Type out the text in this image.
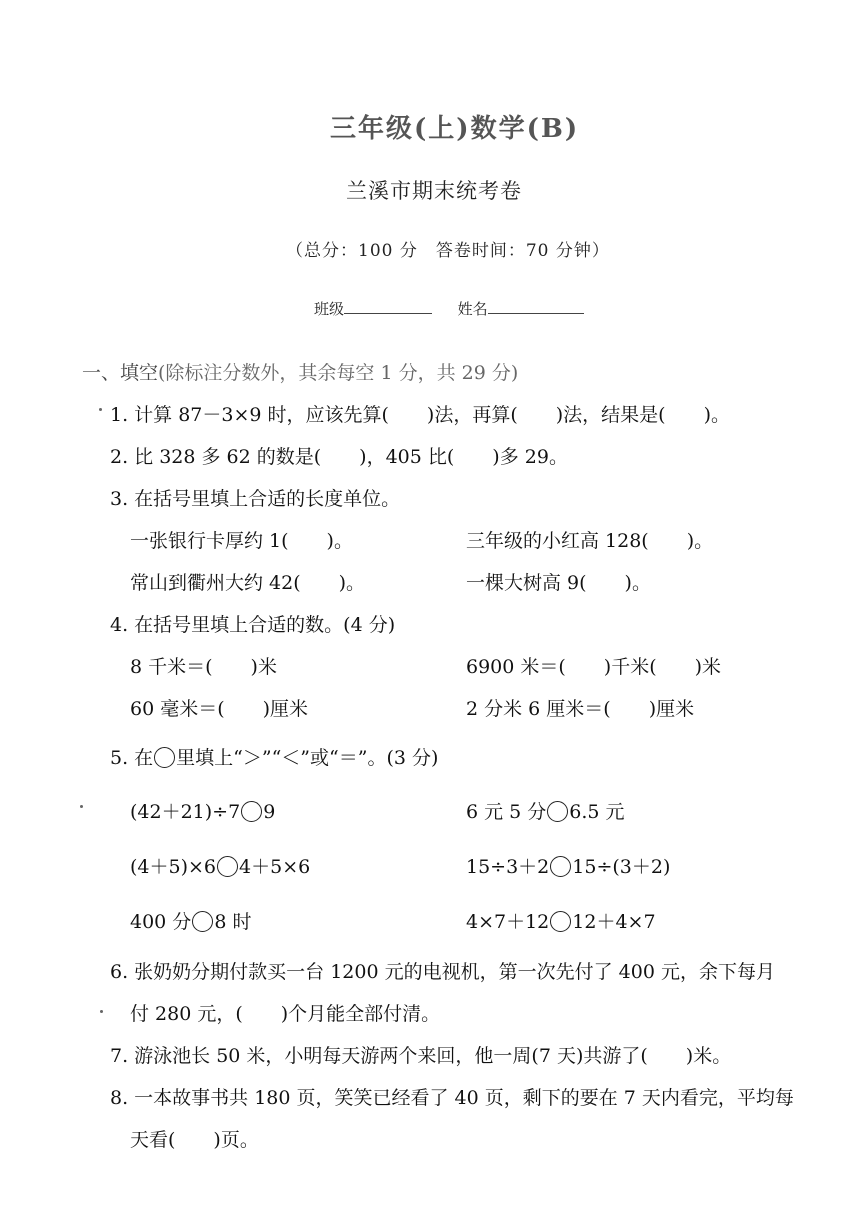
三年级(上)数学(B)
兰溪市期末统考卷
（总分：100 分　答卷时间：70 分钟）
班级	姓名
一、填空(除标注分数外，其余每空 1 分，共 29 分)
1. 计算 87－3×9 时，应该先算(　　)法，再算(　　)法，结果是(　　)。
2. 比 328 多 62 的数是(　　)，405 比(　　)多 29。
3. 在括号里填上合适的长度单位。
一张银行卡厚约 1(　　)。	三年级的小红高 128(　　)。
常山到衢州大约 42(　　)。	一棵大树高 9(　　)。
4. 在括号里填上合适的数。(4 分)
8 千米＝(　　)米	6900 米＝(　　)千米(　　)米
60 毫米＝(　　)厘米	2 分米 6 厘米＝(　　)厘米
5. 在 里填上“＞”“＜”或“＝”。(3 分)
(42＋21)÷7 9	6 元 5 分 6.5 元
(4＋5)×6 4＋5×6	15÷3＋2 15÷(3＋2)
400 分 8 时	4×7＋12 12＋4×7
6. 张奶奶分期付款买一台 1200 元的电视机，第一次先付了 400 元，余下每月
付 280 元，(　　)个月能全部付清。
7. 游泳池长 50 米，小明每天游两个来回，他一周(7 天)共游了(　　)米。
8. 一本故事书共 180 页，笑笑已经看了 40 页，剩下的要在 7 天内看完，平均每
天看(　　)页。
